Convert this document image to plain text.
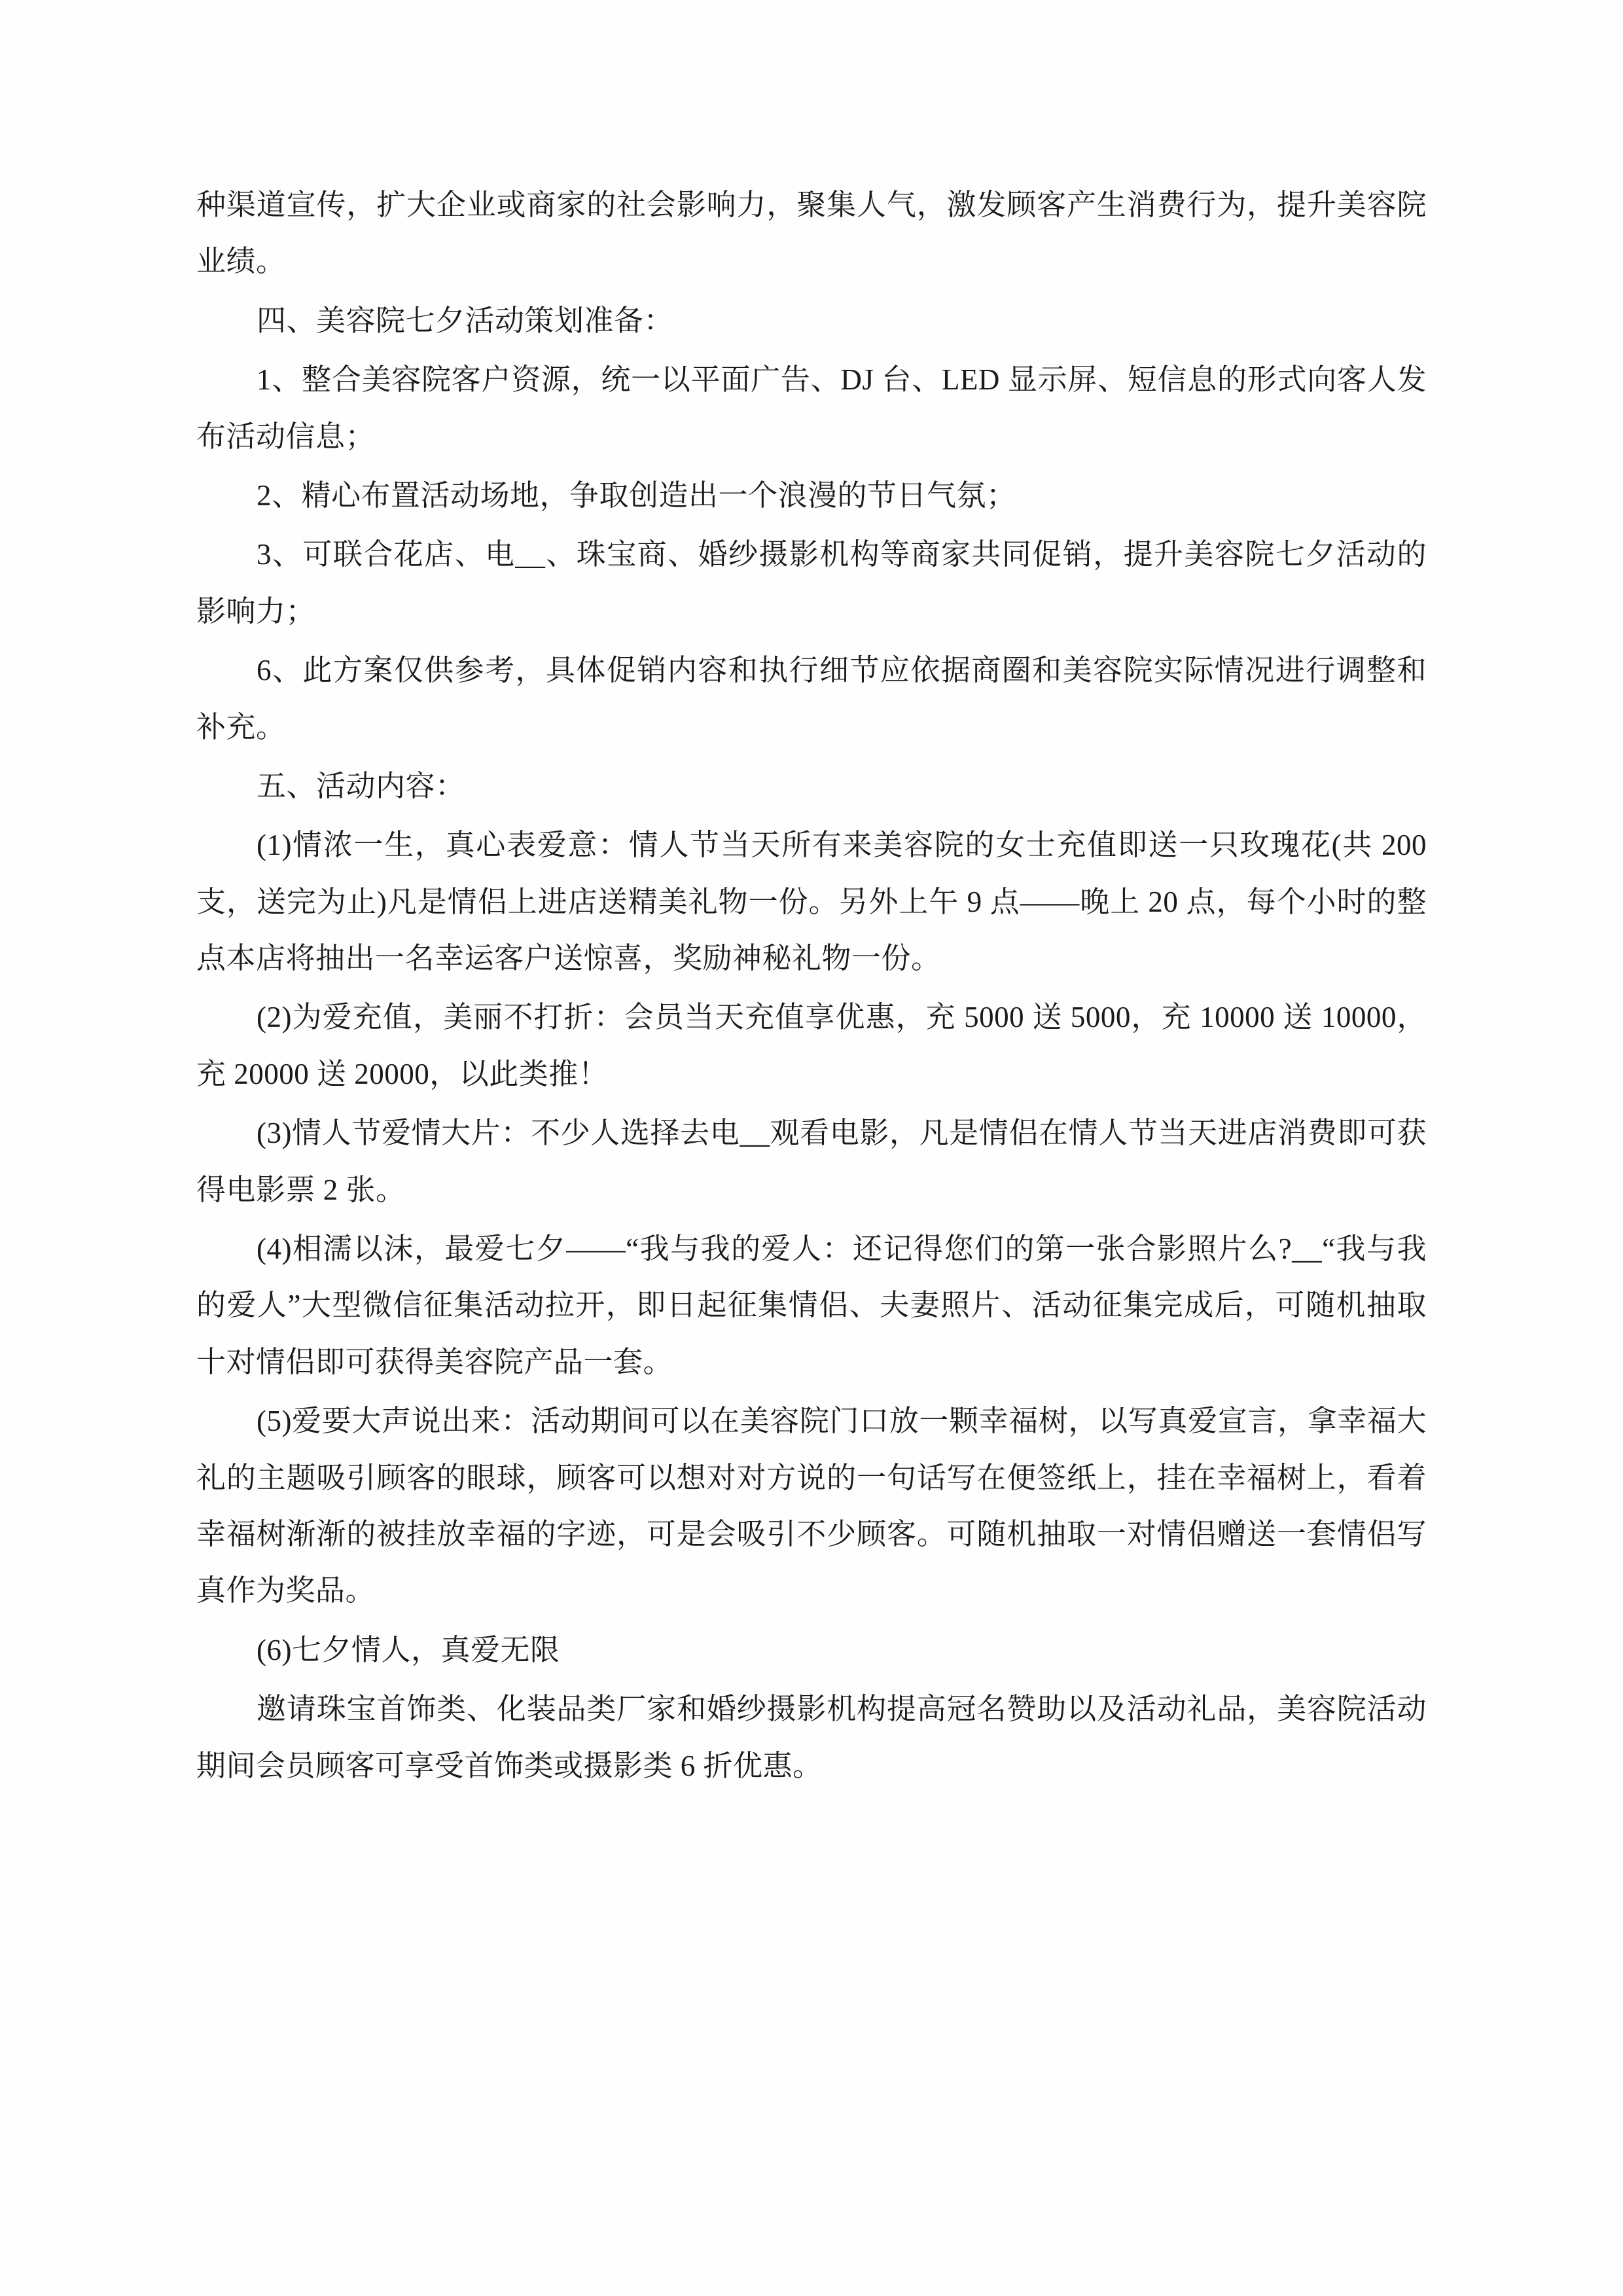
种渠道宣传，扩大企业或商家的社会影响力，聚集人气，激发顾客产生消费行为，提升美容院业绩。

四、美容院七夕活动策划准备：

1、整合美容院客户资源，统一以平面广告、DJ 台、LED 显示屏、短信息的形式向客人发布活动信息；

2、精心布置活动场地，争取创造出一个浪漫的节日气氛；

3、可联合花店、电__、珠宝商、婚纱摄影机构等商家共同促销，提升美容院七夕活动的影响力；

6、此方案仅供参考，具体促销内容和执行细节应依据商圈和美容院实际情况进行调整和补充。

五、活动内容：

(1)情浓一生，真心表爱意：情人节当天所有来美容院的女士充值即送一只玫瑰花(共 200 支，送完为止)凡是情侣上进店送精美礼物一份。另外上午 9 点——晚上 20 点，每个小时的整点本店将抽出一名幸运客户送惊喜，奖励神秘礼物一份。

(2)为爱充值，美丽不打折：会员当天充值享优惠，充 5000 送 5000，充 10000 送 10000，充 20000 送 20000，以此类推！

(3)情人节爱情大片：不少人选择去电__观看电影，凡是情侣在情人节当天进店消费即可获得电影票 2 张。

(4)相濡以沫，最爱七夕——“我与我的爱人：还记得您们的第一张合影照片么?__“我与我的爱人”大型微信征集活动拉开，即日起征集情侣、夫妻照片、活动征集完成后，可随机抽取十对情侣即可获得美容院产品一套。

(5)爱要大声说出来：活动期间可以在美容院门口放一颗幸福树，以写真爱宣言，拿幸福大礼的主题吸引顾客的眼球，顾客可以想对对方说的一句话写在便签纸上，挂在幸福树上，看着幸福树渐渐的被挂放幸福的字迹，可是会吸引不少顾客。可随机抽取一对情侣赠送一套情侣写真作为奖品。

(6)七夕情人，真爱无限

邀请珠宝首饰类、化装品类厂家和婚纱摄影机构提高冠名赞助以及活动礼品，美容院活动期间会员顾客可享受首饰类或摄影类 6 折优惠。
